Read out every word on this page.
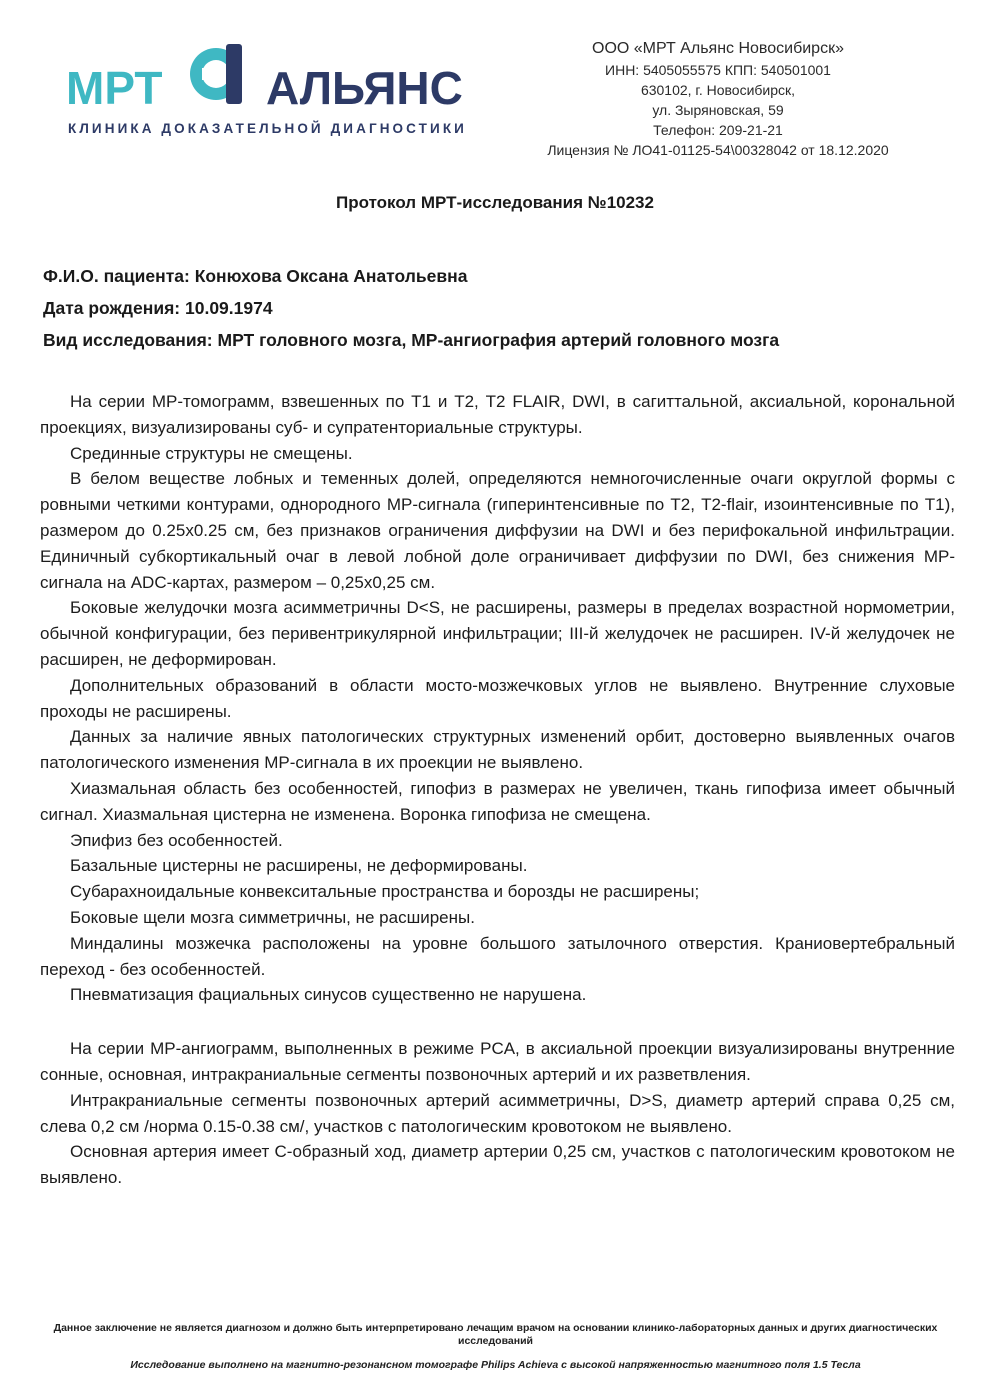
МРТ АЛЬЯНС
КЛИНИКА ДОКАЗАТЕЛЬНОЙ ДИАГНОСТИКИ
ООО «МРТ Альянс Новосибирск»
ИНН: 5405055575 КПП: 540501001
630102, г. Новосибирск,
ул. Зыряновская, 59
Телефон: 209-21-21
Лицензия № ЛО41-01125-54\00328042 от 18.12.2020
Протокол МРТ-исследования №10232
Ф.И.О. пациента: Конюхова Оксана Анатольевна
Дата рождения: 10.09.1974
Вид исследования: МРТ головного мозга, МР-ангиография артерий головного мозга

На серии МР-томограмм, взвешенных по Т1 и Т2, Т2 FLAIR, DWI, в сагиттальной, аксиальной, корональной проекциях, визуализированы суб- и супратенториальные структуры.

Срединные структуры не смещены.

В белом веществе лобных и теменных долей, определяются немногочисленные очаги округлой формы с ровными четкими контурами, однородного МР-сигнала (гиперинтенсивные по Т2, Т2-flair, изоинтенсивные по Т1), размером до 0.25х0.25 см, без признаков ограничения диффузии на DWI и без перифокальной инфильтрации. Единичный субкортикальный очаг в левой лобной доле ограничивает диффузии по DWI, без снижения МР-сигнала на ADC-картах, размером – 0,25х0,25 см.

Боковые желудочки мозга асимметричны D<S, не расширены, размеры в пределах возрастной нормометрии, обычной конфигурации, без перивентрикулярной инфильтрации; III-й желудочек не расширен. IV-й желудочек не расширен, не деформирован.

Дополнительных образований в области мосто-мозжечковых углов не выявлено. Внутренние слуховые проходы не расширены.

Данных за наличие явных патологических структурных изменений орбит, достоверно выявленных очагов патологического изменения МР-сигнала в их проекции не выявлено.

Хиазмальная область без особенностей, гипофиз в размерах не увеличен, ткань гипофиза имеет обычный сигнал. Хиазмальная цистерна не изменена. Воронка гипофиза не смещена.

Эпифиз без особенностей.

Базальные цистерны не расширены, не деформированы.

Субарахноидальные конвекситальные пространства и борозды не расширены;

Боковые щели мозга симметричны, не расширены.

Миндалины мозжечка расположены на уровне большого затылочного отверстия. Краниовертебральный переход - без особенностей.

Пневматизация фациальных синусов существенно не нарушена.

На серии МР-ангиограмм, выполненных в режиме PCA, в аксиальной проекции визуализированы внутренние сонные, основная, интракраниальные сегменты позвоночных артерий и их разветвления.

Интракраниальные сегменты позвоночных артерий асимметричны, D>S, диаметр артерий справа 0,25 см, слева 0,2 см /норма 0.15-0.38 см/, участков с патологическим кровотоком не выявлено.

Основная артерия имеет С-образный ход, диаметр артерии 0,25 см, участков с патологическим кровотоком не выявлено.

Данное заключение не является диагнозом и должно быть интерпретировано лечащим врачом на основании клинико-лабораторных данных и других диагностических исследований
Исследование выполнено на магнитно-резонансном томографе Philips Achieva с высокой напряженностью магнитного поля 1.5 Тесла
